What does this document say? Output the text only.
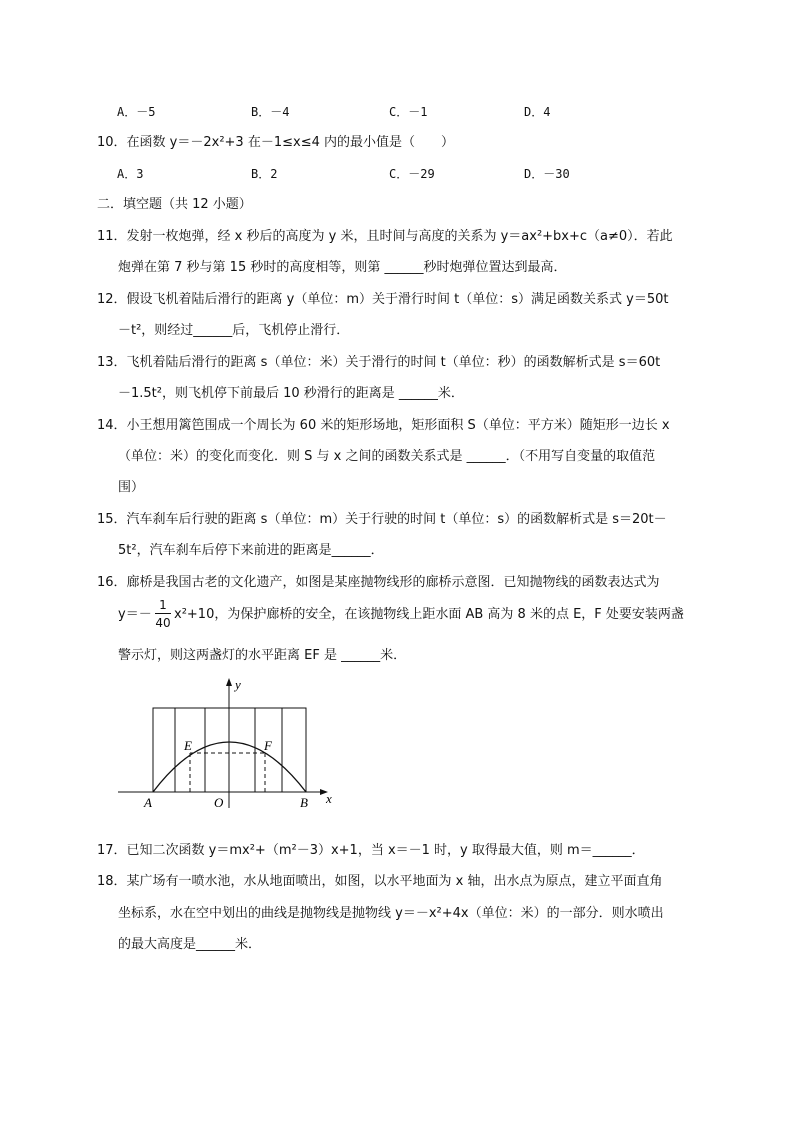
A．－5	B．－4	C．－1	D．4
10．在函数 y＝－2x²+3 在－1≤x≤4 内的最小值是（　　）
A．3	B．2	C．－29	D．－30
二．填空题（共 12 小题）
11．发射一枚炮弹，经 x 秒后的高度为 y 米，且时间与高度的关系为 y＝ax²+bx+c（a≠0）．若此
炮弹在第 7 秒与第 15 秒时的高度相等，则第 ______秒时炮弹位置达到最高．
12．假设飞机着陆后滑行的距离 y（单位：m）关于滑行时间 t（单位：s）满足函数关系式 y＝50t
－t²，则经过______后，飞机停止滑行．
13．飞机着陆后滑行的距离 s（单位：米）关于滑行的时间 t（单位：秒）的函数解析式是 s＝60t
－1.5t²，则飞机停下前最后 10 秒滑行的距离是 ______米．
14．小王想用篱笆围成一个周长为 60 米的矩形场地，矩形面积 S（单位：平方米）随矩形一边长 x
（单位：米）的变化而变化．则 S 与 x 之间的函数关系式是 ______．（不用写自变量的取值范
围）
15．汽车刹车后行驶的距离 s（单位：m）关于行驶的时间 t（单位：s）的函数解析式是 s＝20t－
5t²，汽车刹车后停下来前进的距离是______．
16．廊桥是我国古老的文化遗产，如图是某座抛物线形的廊桥示意图．已知抛物线的函数表达式为
y＝－
1
40
x²+10，为保护廊桥的安全，在该抛物线上距水面 AB 高为 8 米的点 E，F 处要安装两盏
警示灯，则这两盏灯的水平距离 EF 是 ______米．
y
x
A	O	B
E	F
17．已知二次函数 y＝mx²+（m²－3）x+1，当 x＝－1 时，y 取得最大值，则 m＝______．
18．某广场有一喷水池，水从地面喷出，如图，以水平地面为 x 轴，出水点为原点，建立平面直角
坐标系，水在空中划出的曲线是抛物线是抛物线 y＝－x²+4x（单位：米）的一部分．则水喷出
的最大高度是______米．
